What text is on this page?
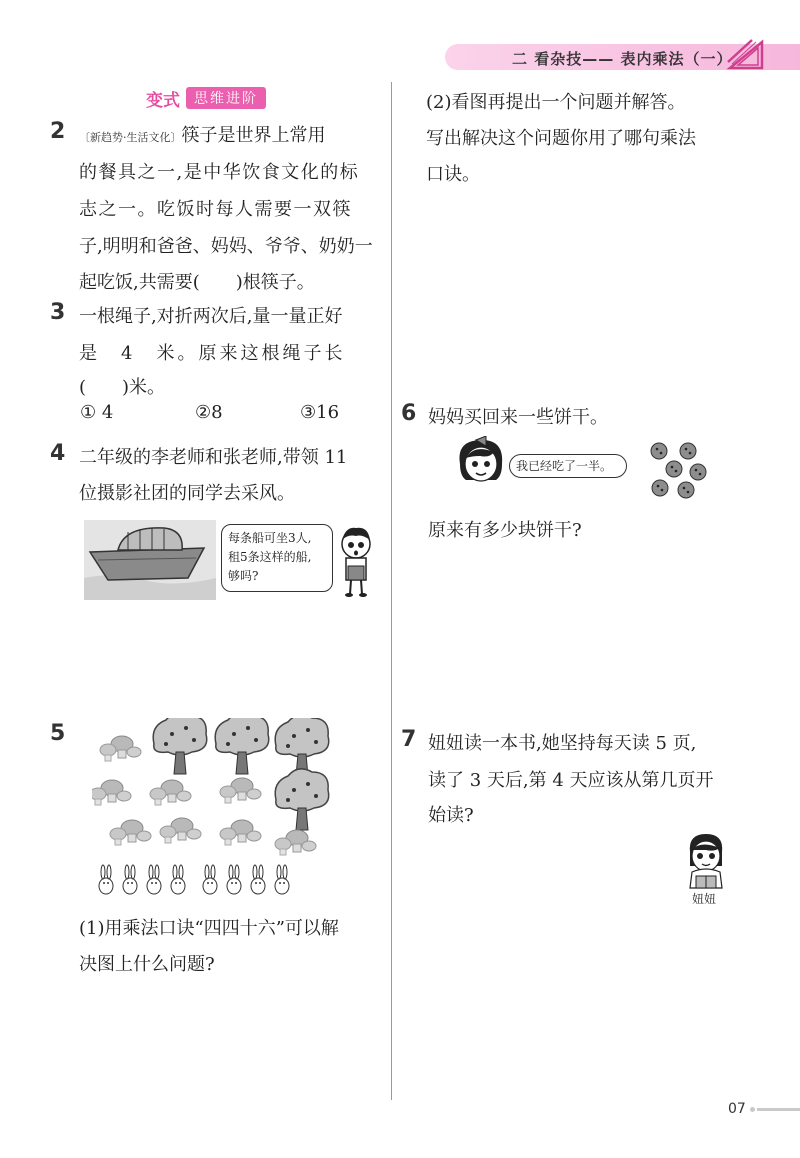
二 看杂技—— 表内乘法（一）
变式	思维进阶
2 〔新趋势·生活文化〕筷子是世界上常用
的餐具之一,是中华饮食文化的标
志之一。吃饭时每人需要一双筷
子,明明和爸爸、妈妈、爷爷、奶奶一
起吃饭,共需要(　　)根筷子。
3 一根绳子,对折两次后,量一量正好
是　4　米。原来这根绳子长
(　　)米。
① 4	②8	③16
4 二年级的李老师和张老师,带领 11
位摄影社团的同学去采风。
每条船可坐3人,
租5条这样的船,
够吗?
5
(1)用乘法口诀“四四十六”可以解
决图上什么问题?
(2)看图再提出一个问题并解答。
写出解决这个问题你用了哪句乘法
口诀。
6 妈妈买回来一些饼干。
我已经吃了一半。
原来有多少块饼干?
7 妞妞读一本书,她坚持每天读 5 页,
读了 3 天后,第 4 天应该从第几页开
始读?
妞妞
07
